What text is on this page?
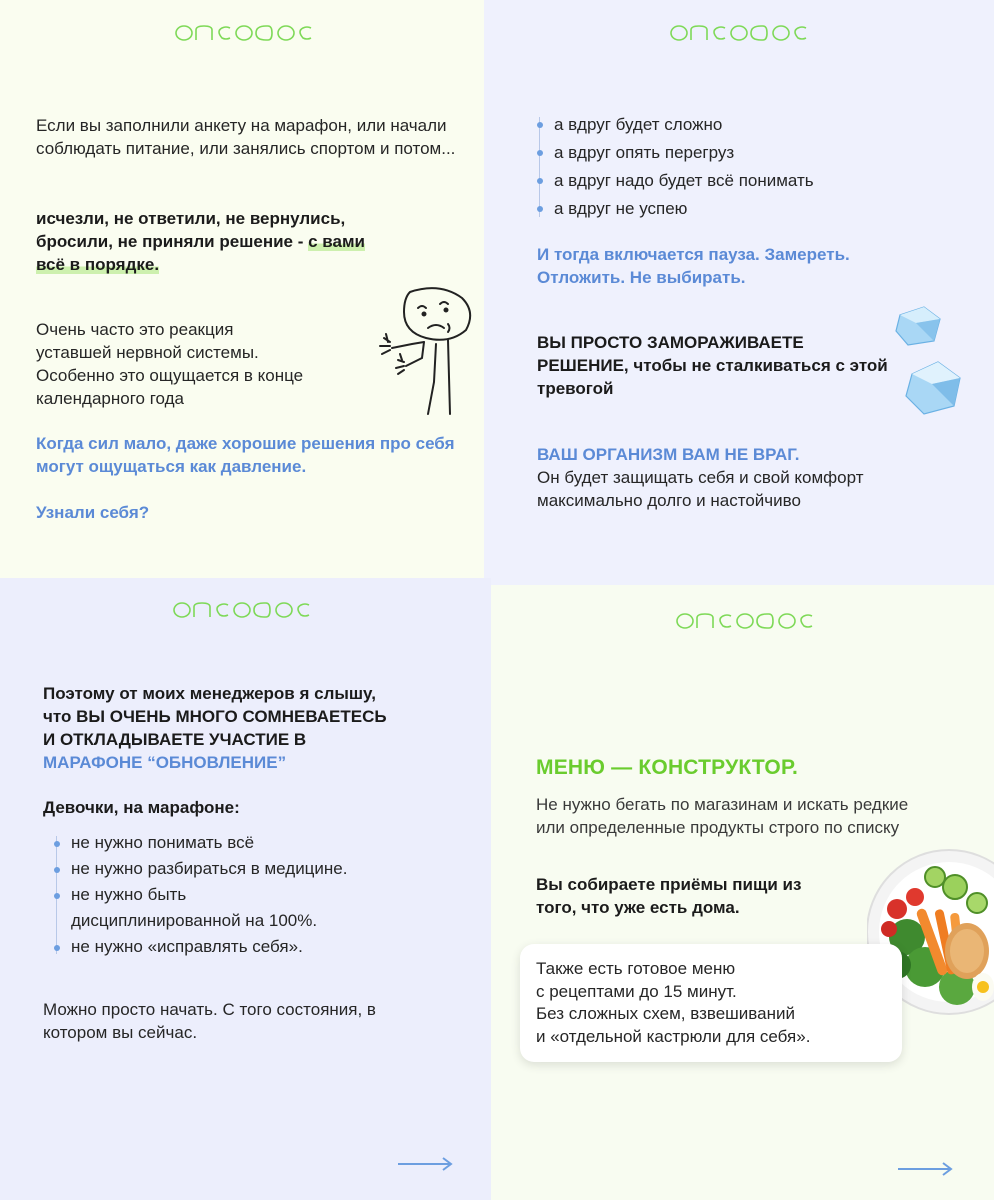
Если вы заполнили анкету на марафон, или начали соблюдать питание, или занялись спортом и потом...
исчезли, не ответили, не вернулись,
бросили, не приняли решение - с вами
всё в порядке.
Очень часто это реакция
уставшей нервной системы.
Особенно это ощущается в конце
календарного года
Когда сил мало, даже хорошие решения про себя могут ощущаться как давление.
Узнали себя?
а вдруг будет сложно
а вдруг опять перегруз
а вдруг надо будет всё понимать
а вдруг не успею
И тогда включается пауза. Замереть. Отложить. Не выбирать.
ВЫ ПРОСТО ЗАМОРАЖИВАЕТЕ РЕШЕНИЕ, чтобы не сталкиваться с этой тревогой
ВАШ ОРГАНИЗМ ВАМ НЕ ВРАГ.
Он будет защищать себя и свой комфорт максимально долго и настойчиво
Поэтому от моих менеджеров я слышу,
что ВЫ ОЧЕНЬ МНОГО СОМНЕВАЕТЕСЬ
И ОТКЛАДЫВАЕТЕ УЧАСТИЕ В
МАРАФОНЕ “ОБНОВЛЕНИЕ”
Девочки, на марафоне:
не нужно понимать всё
не нужно разбираться в медицине.
не нужно быть
дисциплинированной на 100%.
не нужно «исправлять себя».
Можно просто начать. С того состояния, в котором вы сейчас.
МЕНЮ — КОНСТРУКТОР.
Не нужно бегать по магазинам и искать редкие или определенные продукты строго по списку
Вы собираете приёмы пищи из того, что уже есть дома.
Также есть готовое меню
с рецептами до 15 минут.
Без сложных схем, взвешиваний
и «отдельной кастрюли для себя».
